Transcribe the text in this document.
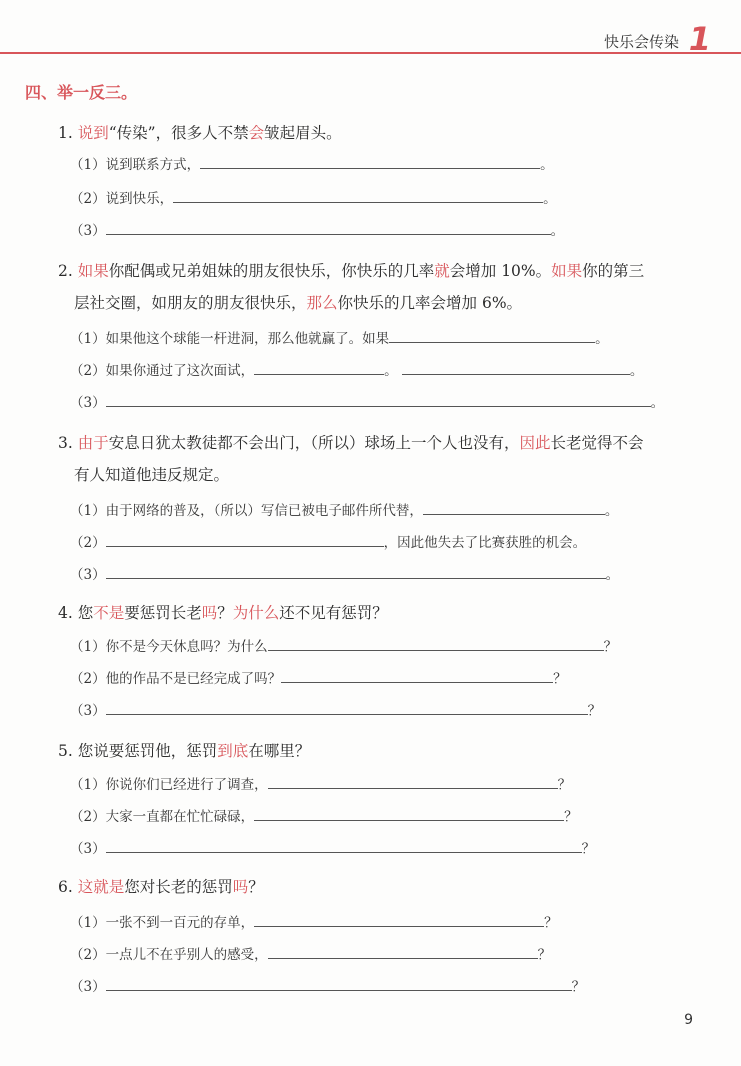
快乐会传染 1
四、举一反三。
1. 说到“传染”，很多人不禁会皱起眉头。
（1）说到联系方式，	。
（2）说到快乐，	。
（3）	。
2. 如果你配偶或兄弟姐妹的朋友很快乐，你快乐的几率就会增加 10%。如果你的第三
层社交圈，如朋友的朋友很快乐，那么你快乐的几率会增加 6%。
（1）如果他这个球能一杆进洞，那么他就赢了。如果	。
（2）如果你通过了这次面试，	。	。
（3）	。
3. 由于安息日犹太教徒都不会出门，（所以）球场上一个人也没有，因此长老觉得不会
有人知道他违反规定。
（1）由于网络的普及，（所以）写信已被电子邮件所代替，	。
（2）	，因此他失去了比赛获胜的机会。
（3）	。
4. 您不是要惩罚长老吗？为什么还不见有惩罚？
（1）你不是今天休息吗？为什么	？
（2）他的作品不是已经完成了吗？	？
（3）	？
5. 您说要惩罚他，惩罚到底在哪里？
（1）你说你们已经进行了调查，	？
（2）大家一直都在忙忙碌碌，	？
（3）	？
6. 这就是您对长老的惩罚吗？
（1）一张不到一百元的存单，	？
（2）一点儿不在乎别人的感受，	？
（3）	？
9
